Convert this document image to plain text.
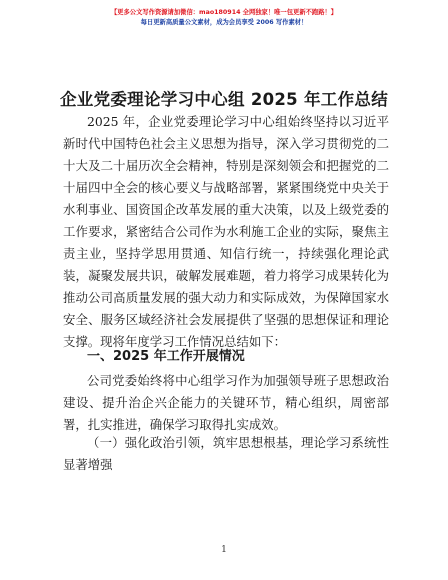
【更多公文写作资源请加微信：mao180914 全网独家！唯一包更新不跑路！】
每日更新高质量公文素材，成为会员享受 2006 写作素材！
企业党委理论学习中心组 2025 年工作总结
2025 年，企业党委理论学习中心组始终坚持以习近平新时代中国特色社会主义思想为指导，深入学习贯彻党的二十大及二十届历次全会精神，特别是深刻领会和把握党的二十届四中全会的核心要义与战略部署，紧紧围绕党中央关于水利事业、国资国企改革发展的重大决策，以及上级党委的工作要求，紧密结合公司作为水利施工企业的实际，聚焦主责主业，坚持学思用贯通、知信行统一，持续强化理论武装，凝聚发展共识，破解发展难题，着力将学习成果转化为推动公司高质量发展的强大动力和实际成效，为保障国家水安全、服务区域经济社会发展提供了坚强的思想保证和理论支撑。现将年度学习工作情况总结如下：
一、2025 年工作开展情况
公司党委始终将中心组学习作为加强领导班子思想政治建设、提升治企兴企能力的关键环节，精心组织，周密部署，扎实推进，确保学习取得扎实成效。
（一）强化政治引领，筑牢思想根基，理论学习系统性显著增强
1
